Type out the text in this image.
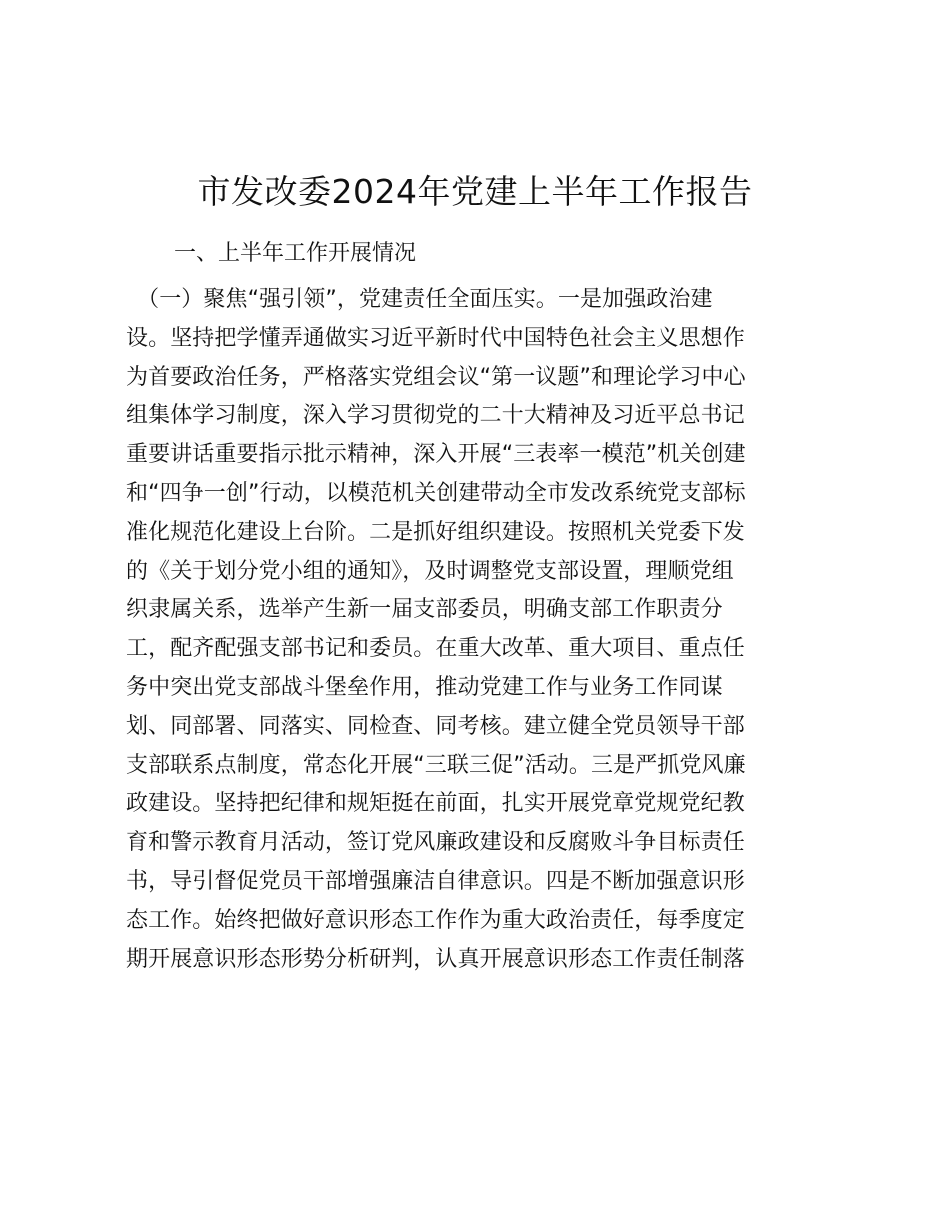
市发改委2024年党建上半年工作报告
一、上半年工作开展情况
　（一）聚焦“强引领”，党建责任全面压实。一是加强政治建
设。坚持把学懂弄通做实习近平新时代中国特色社会主义思想作
为首要政治任务，严格落实党组会议“第一议题”和理论学习中心
组集体学习制度，深入学习贯彻党的二十大精神及习近平总书记
重要讲话重要指示批示精神，深入开展“三表率一模范”机关创建
和“四争一创”行动，以模范机关创建带动全市发改系统党支部标
准化规范化建设上台阶。二是抓好组织建设。按照机关党委下发
的《关于划分党小组的通知》，及时调整党支部设置，理顺党组
织隶属关系，选举产生新一届支部委员，明确支部工作职责分
工，配齐配强支部书记和委员。在重大改革、重大项目、重点任
务中突出党支部战斗堡垒作用，推动党建工作与业务工作同谋
划、同部署、同落实、同检查、同考核。建立健全党员领导干部
支部联系点制度，常态化开展“三联三促”活动。三是严抓党风廉
政建设。坚持把纪律和规矩挺在前面，扎实开展党章党规党纪教
育和警示教育月活动，签订党风廉政建设和反腐败斗争目标责任
书，导引督促党员干部增强廉洁自律意识。四是不断加强意识形
态工作。始终把做好意识形态工作作为重大政治责任，每季度定
期开展意识形态形势分析研判，认真开展意识形态工作责任制落
